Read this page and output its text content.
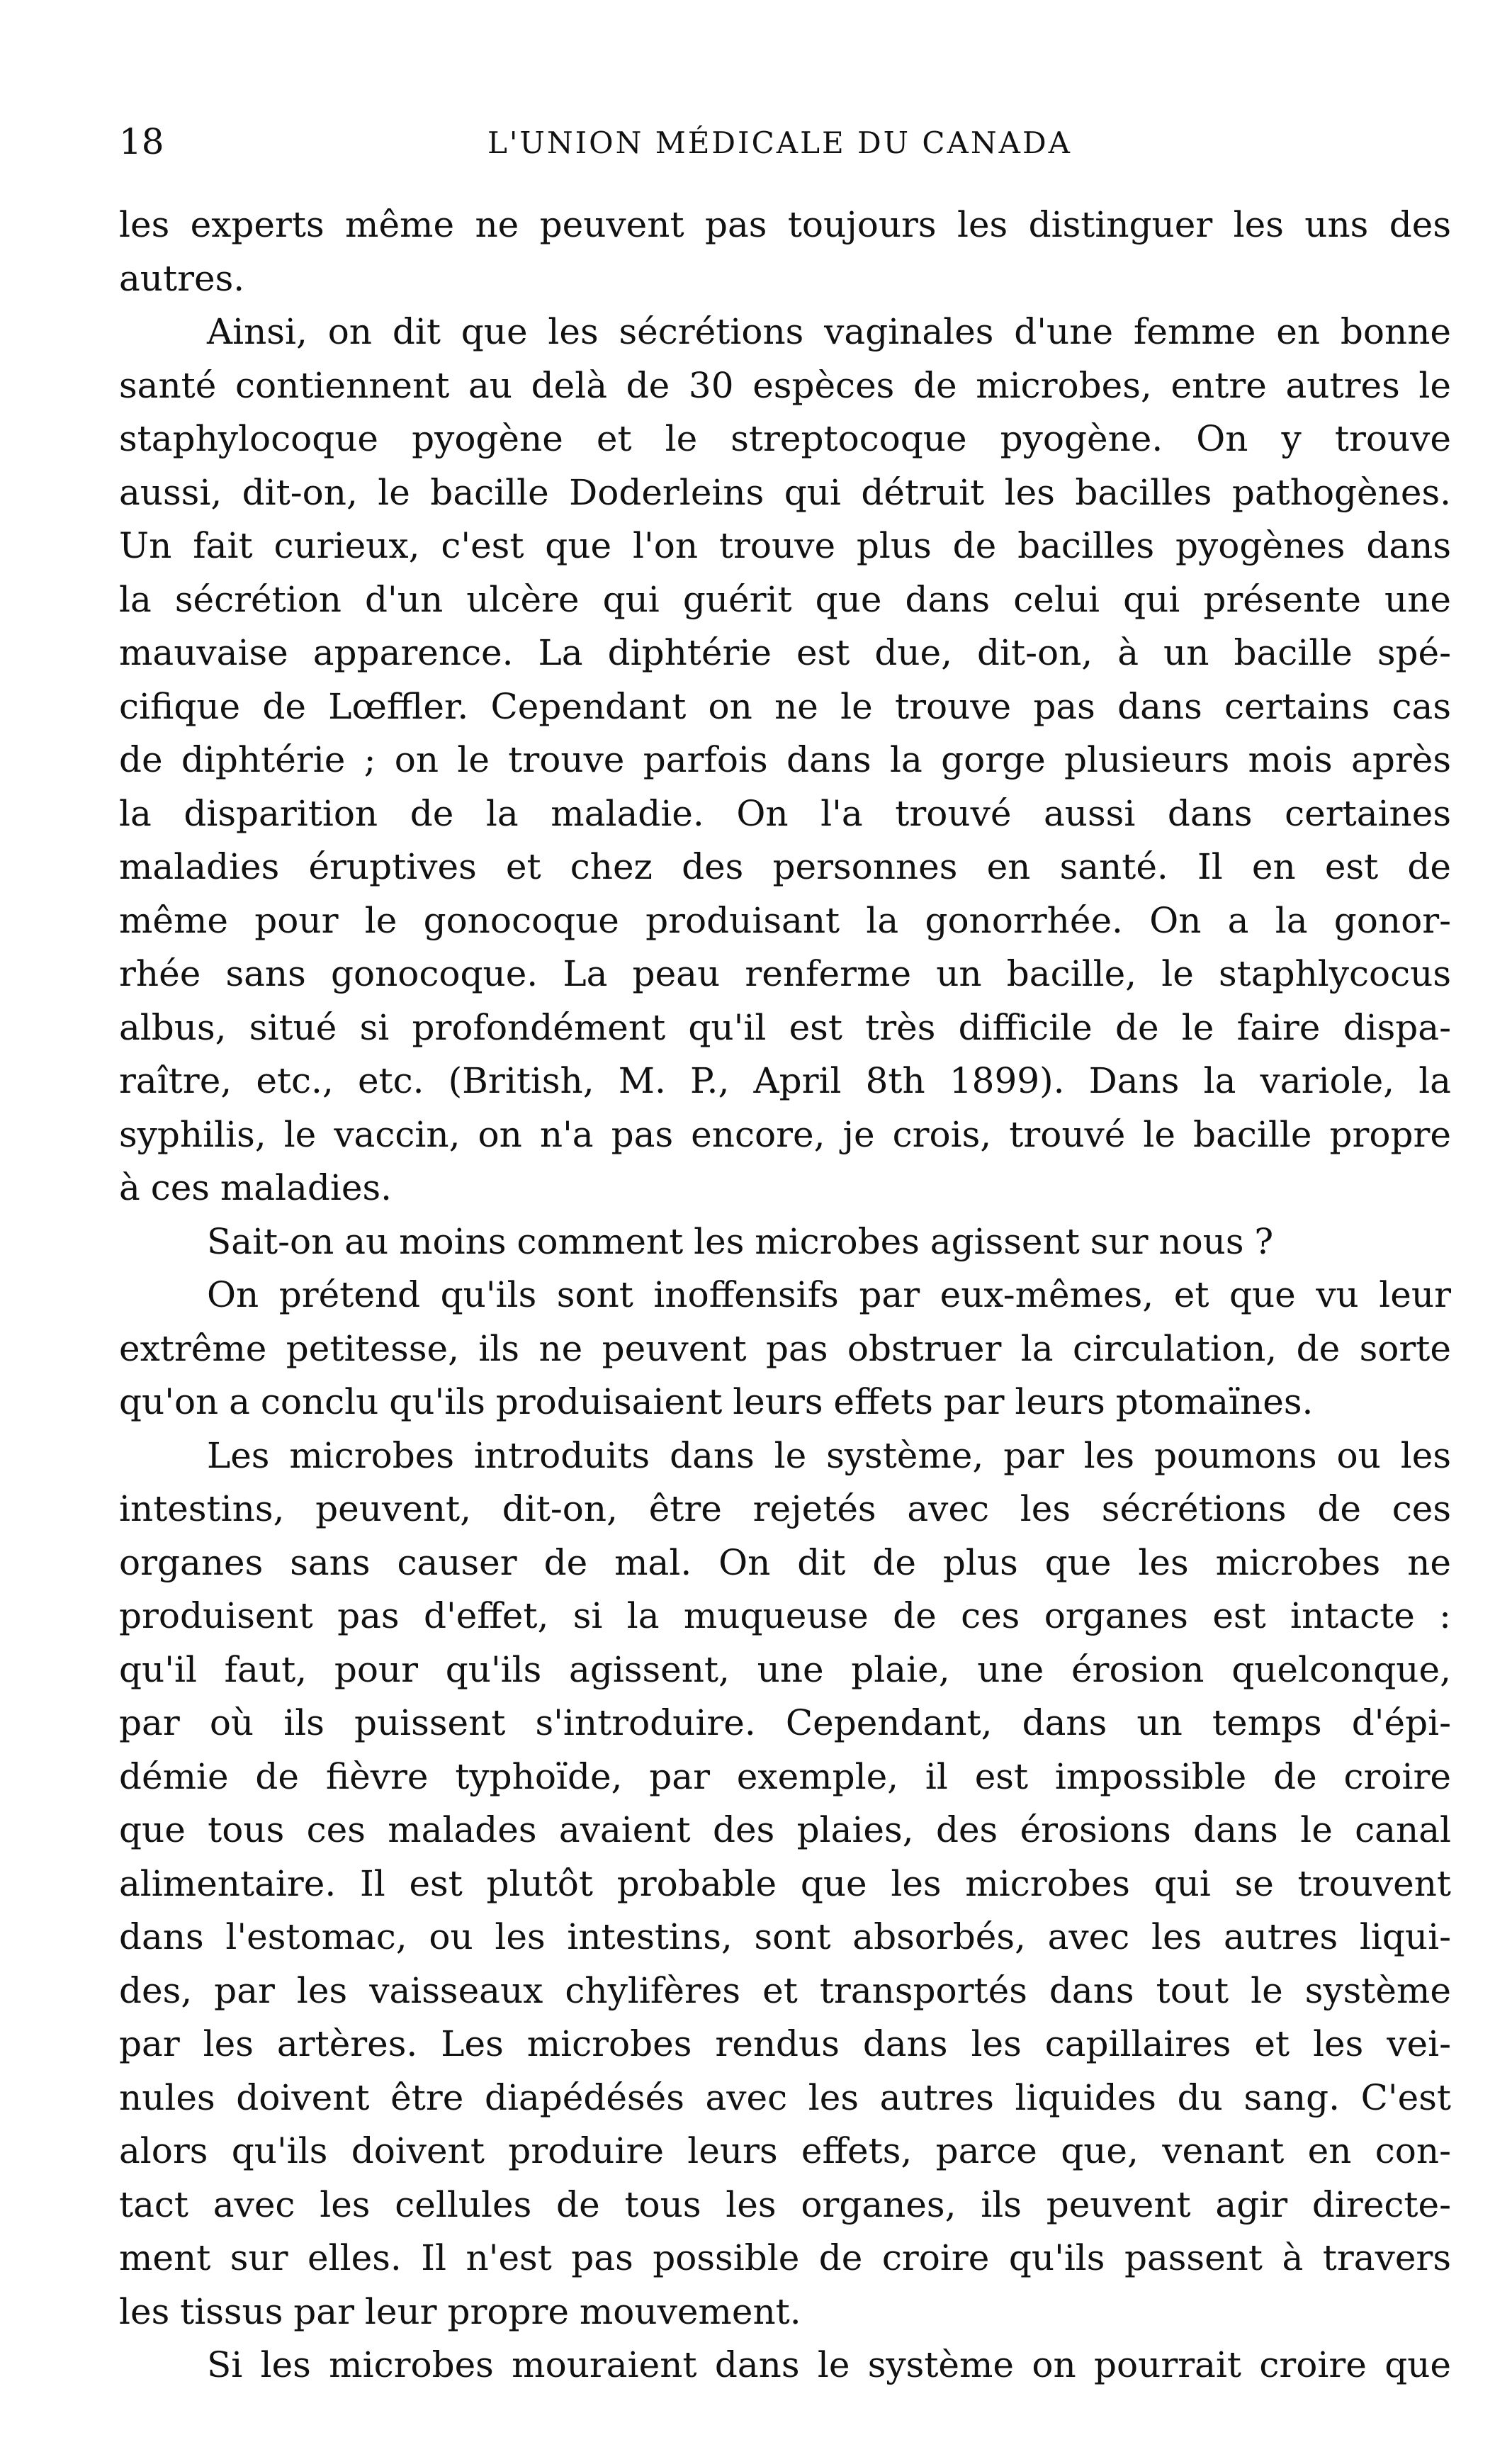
18	L'UNION MÉDICALE DU CANADA
les experts même ne peuvent pas toujours les distinguer les uns des
autres.
Ainsi, on dit que les sécrétions vaginales d'une femme en bonne
santé contiennent au delà de 30 espèces de microbes, entre autres le
staphylocoque pyogène et le streptocoque pyogène. On y trouve
aussi, dit-on, le bacille Doderleins qui détruit les bacilles pathogènes.
Un fait curieux, c'est que l'on trouve plus de bacilles pyogènes dans
la sécrétion d'un ulcère qui guérit que dans celui qui présente une
mauvaise apparence. La diphtérie est due, dit-on, à un bacille spé-
cifique de Lœffler. Cependant on ne le trouve pas dans certains cas
de diphtérie ; on le trouve parfois dans la gorge plusieurs mois après
la disparition de la maladie. On l'a trouvé aussi dans certaines
maladies éruptives et chez des personnes en santé. Il en est de
même pour le gonocoque produisant la gonorrhée. On a la gonor-
rhée sans gonocoque. La peau renferme un bacille, le staphlycocus
albus, situé si profondément qu'il est très difficile de le faire dispa-
raître, etc., etc. (British, M. P., April 8th 1899). Dans la variole, la
syphilis, le vaccin, on n'a pas encore, je crois, trouvé le bacille propre
à ces maladies.
Sait-on au moins comment les microbes agissent sur nous ?
On prétend qu'ils sont inoffensifs par eux-mêmes, et que vu leur
extrême petitesse, ils ne peuvent pas obstruer la circulation, de sorte
qu'on a conclu qu'ils produisaient leurs effets par leurs ptomaïnes.
Les microbes introduits dans le système, par les poumons ou les
intestins, peuvent, dit-on, être rejetés avec les sécrétions de ces
organes sans causer de mal. On dit de plus que les microbes ne
produisent pas d'effet, si la muqueuse de ces organes est intacte :
qu'il faut, pour qu'ils agissent, une plaie, une érosion quelconque,
par où ils puissent s'introduire. Cependant, dans un temps d'épi-
démie de fièvre typhoïde, par exemple, il est impossible de croire
que tous ces malades avaient des plaies, des érosions dans le canal
alimentaire. Il est plutôt probable que les microbes qui se trouvent
dans l'estomac, ou les intestins, sont absorbés, avec les autres liqui-
des, par les vaisseaux chylifères et transportés dans tout le système
par les artères. Les microbes rendus dans les capillaires et les vei-
nules doivent être diapédésés avec les autres liquides du sang. C'est
alors qu'ils doivent produire leurs effets, parce que, venant en con-
tact avec les cellules de tous les organes, ils peuvent agir directe-
ment sur elles. Il n'est pas possible de croire qu'ils passent à travers
les tissus par leur propre mouvement.
Si les microbes mouraient dans le système on pourrait croire que
